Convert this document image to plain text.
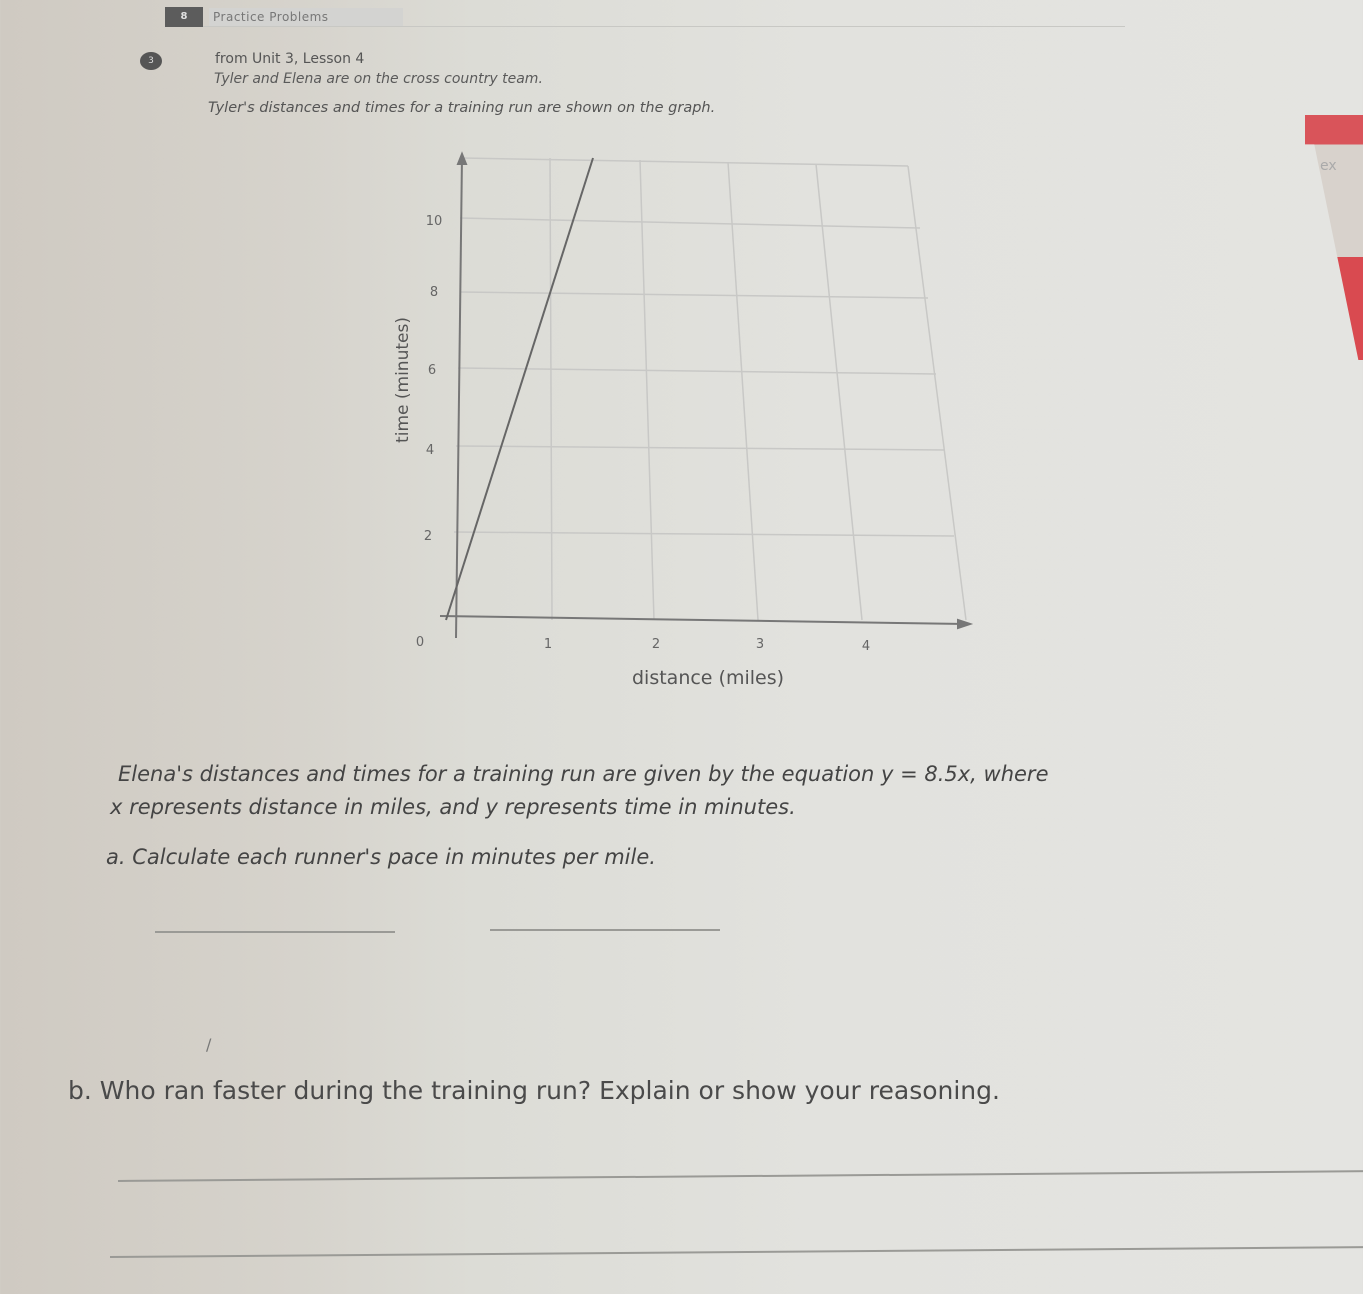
8	Practice Problems
3	from Unit 3, Lesson 4
Tyler and Elena are on the cross country team.
Tyler's distances and times for a training run are shown on the graph.
ex
10
8
6
4
2
0	1	2	3	4
distance (miles)
time (minutes)
Elena's distances and times for a training run are given by the equation y = 8.5x, where
x represents distance in miles, and y represents time in minutes.
a. Calculate each runner's pace in minutes per mile.
/
b. Who ran faster during the training run? Explain or show your reasoning.
